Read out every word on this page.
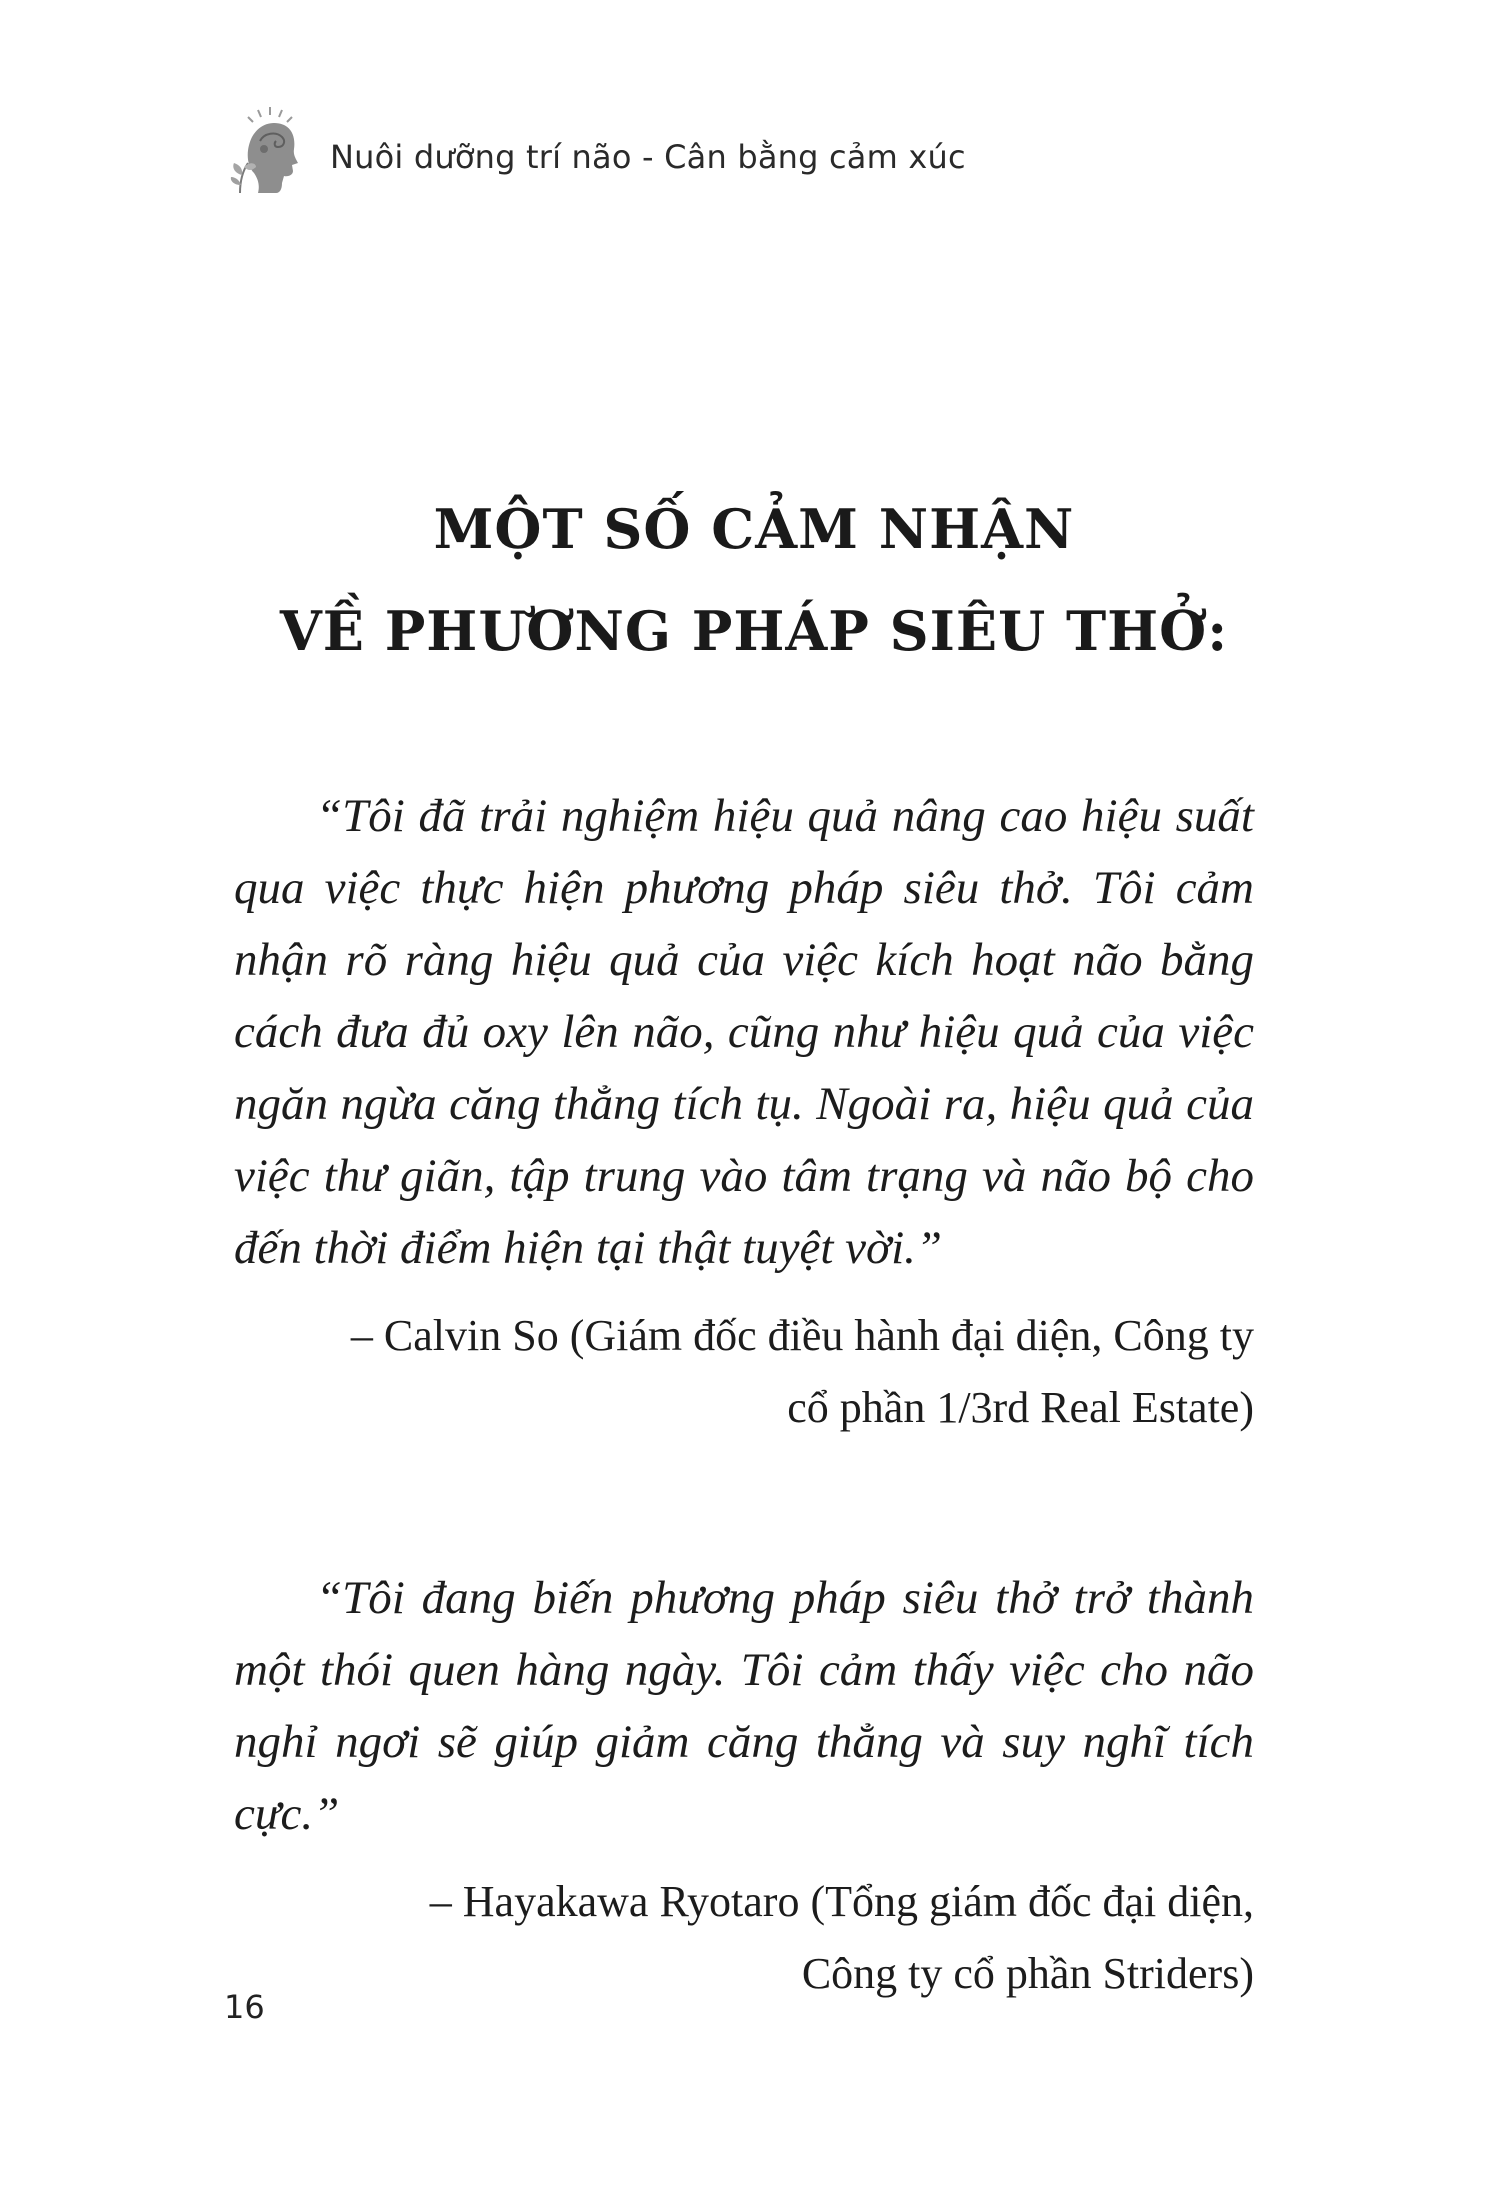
Nuôi dưỡng trí não - Cân bằng cảm xúc
MỘT SỐ CẢM NHẬN
VỀ PHƯƠNG PHÁP SIÊU THỞ:

“Tôi đã trải nghiệm hiệu quả nâng cao hiệu suất qua việc thực hiện phương pháp siêu thở. Tôi cảm nhận rõ ràng hiệu quả của việc kích hoạt não bằng cách đưa đủ oxy lên não, cũng như hiệu quả của việc ngăn ngừa căng thẳng tích tụ. Ngoài ra, hiệu quả của việc thư giãn, tập trung vào tâm trạng và não bộ cho đến thời điểm hiện tại thật tuyệt vời.”

– Calvin So (Giám đốc điều hành đại diện, Công ty cổ phần 1/3rd Real Estate)

“Tôi đang biến phương pháp siêu thở trở thành một thói quen hàng ngày. Tôi cảm thấy việc cho não nghỉ ngơi sẽ giúp giảm căng thẳng và suy nghĩ tích cực.”

– Hayakawa Ryotaro (Tổng giám đốc đại diện, Công ty cổ phần Striders)

16
